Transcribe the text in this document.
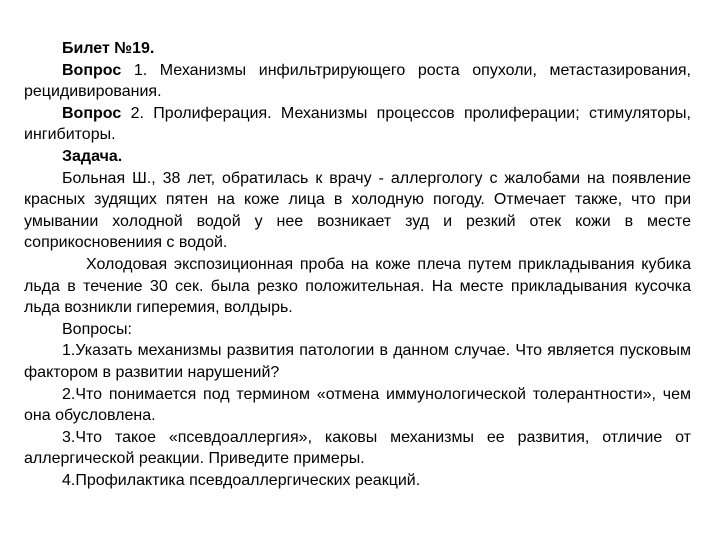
Билет №19.

Вопрос 1. Механизмы инфильтрирующего роста опухоли, метастазирования, рецидивирования.

Вопрос 2. Пролиферация. Механизмы процессов пролиферации; стимуляторы, ингибиторы.

Задача.

Больная Ш., 38 лет, обратилась к врачу - аллергологу с жалобами на появление красных зудящих пятен на коже лица в холодную погоду. Отмечает также, что при умывании холодной водой у нее возникает зуд и резкий отек кожи в месте соприкосновениия с водой.

Холодовая экспозиционная проба на коже плеча путем прикладывания кубика льда в течение 30 сек. была резко положительная. На месте прикладывания кусочка льда возникли гиперемия, волдырь.

Вопросы:

1.Указать механизмы развития патологии в данном случае. Что является пусковым фактором в развитии нарушений?

2.Что понимается под термином «отмена иммунологической толерантности», чем она обусловлена.

3.Что такое «псевдоаллергия», каковы механизмы ее развития, отличие от аллергической реакции. Приведите примеры.

4.Профилактика псевдоаллергических реакций.
